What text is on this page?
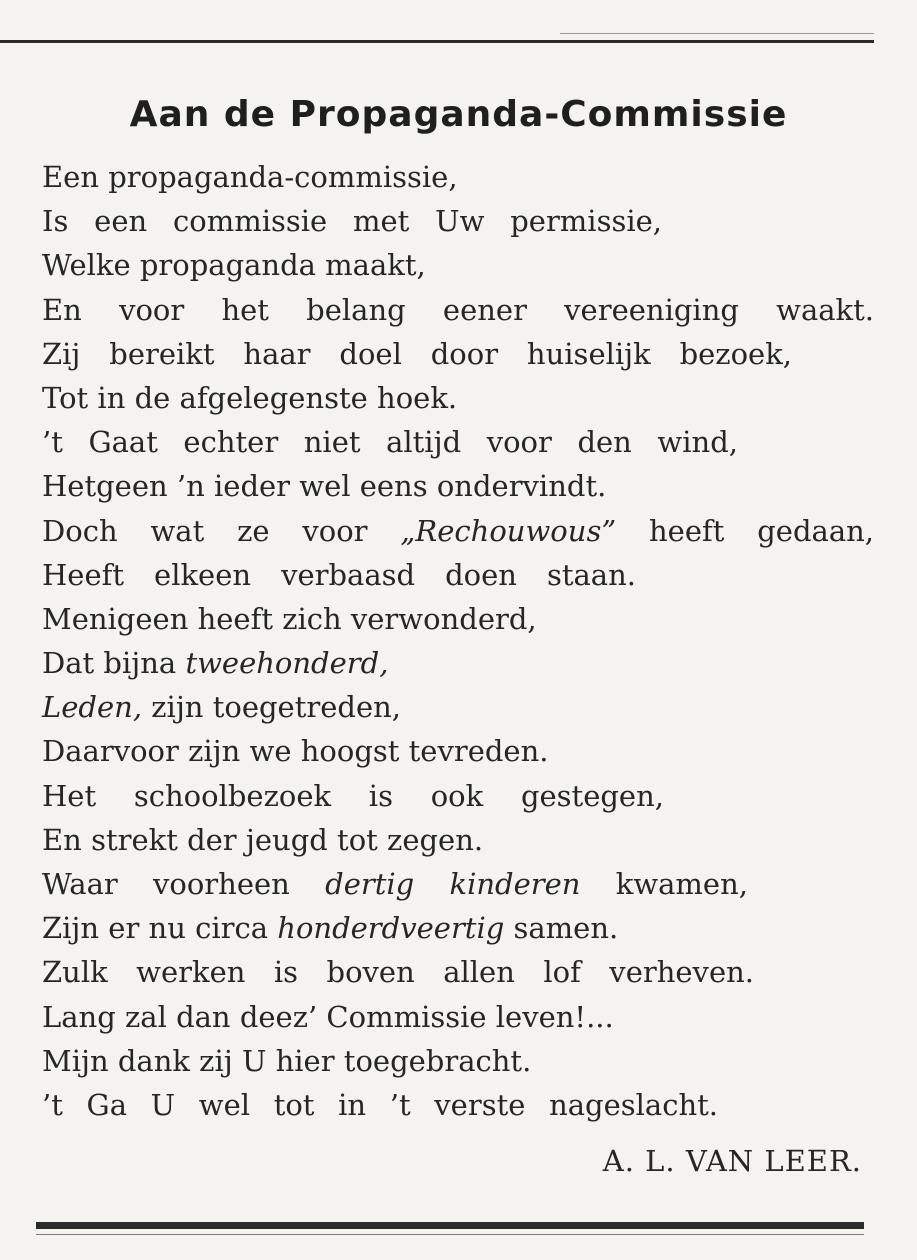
Aan de Propaganda-Commissie
Een propaganda-commissie,
Is een commissie met Uw permissie,
Welke propaganda maakt,
En voor het belang eener vereeniging waakt.
Zij bereikt haar doel door huiselijk bezoek,
Tot in de afgelegenste hoek.
’t Gaat echter niet altijd voor den wind,
Hetgeen ’n ieder wel eens ondervindt.
Doch wat ze voor „Rechouwous” heeft gedaan,
Heeft elkeen verbaasd doen staan.
Menigeen heeft zich verwonderd,
Dat bijna tweehonderd,
Leden, zijn toegetreden,
Daarvoor zijn we hoogst tevreden.
Het schoolbezoek is ook gestegen,
En strekt der jeugd tot zegen.
Waar voorheen dertig kinderen kwamen,
Zijn er nu circa honderdveertig samen.
Zulk werken is boven allen lof verheven.
Lang zal dan deez’ Commissie leven!...
Mijn dank zij U hier toegebracht.
’t Ga U wel tot in ’t verste nageslacht.
A. L. VAN LEER.
